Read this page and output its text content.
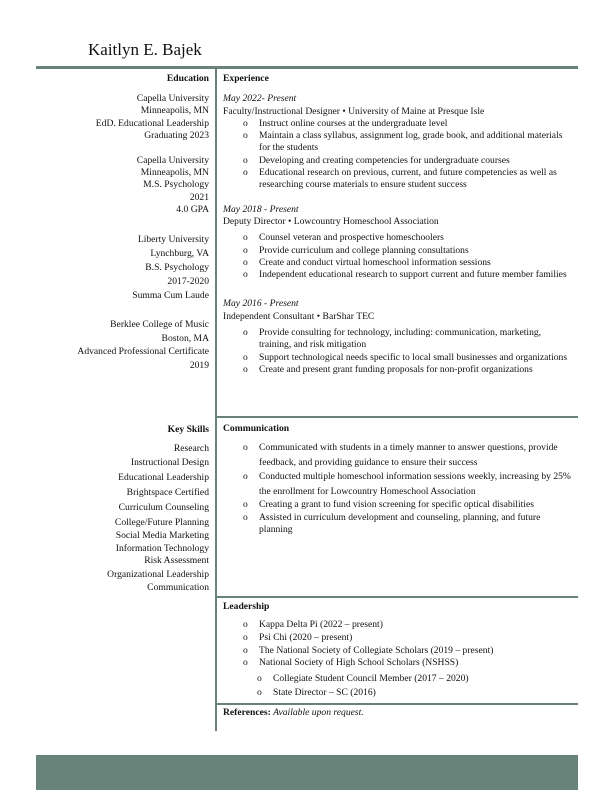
Kaitlyn E. Bajek
Education
Capella University
Minneapolis, MN
EdD. Educational Leadership
Graduating 2023
Capella University
Minneapolis, MN
M.S. Psychology
2021
4.0 GPA
Liberty University
Lynchburg, VA
B.S. Psychology
2017-2020
Summa Cum Laude
Berklee College of Music
Boston, MA
Advanced Professional Certificate
2019
Experience
May 2022- Present
Faculty/Instructional Designer • University of Maine at Presque Isle
o Instruct online courses at the undergraduate level
o Maintain a class syllabus, assignment log, grade book, and additional materials for the students
o Developing and creating competencies for undergraduate courses
o Educational research on previous, current, and future competencies as well as researching course materials to ensure student success
May 2018 - Present
Deputy Director • Lowcountry Homeschool Association
o Counsel veteran and prospective homeschoolers
o Provide curriculum and college planning consultations
o Create and conduct virtual homeschool information sessions
o Independent educational research to support current and future member families
May 2016 - Present
Independent Consultant • BarShar TEC
o Provide consulting for technology, including: communication, marketing, training, and risk mitigation
o Support technological needs specific to local small businesses and organizations
o Create and present grant funding proposals for non-profit organizations
Key Skills
Research
Instructional Design
Educational Leadership
Brightspace Certified
Curriculum Counseling
College/Future Planning
Social Media Marketing
Information Technology
Risk Assessment
Organizational Leadership
Communication
Communication
o Communicated with students in a timely manner to answer questions, provide feedback, and providing guidance to ensure their success
o Conducted multiple homeschool information sessions weekly, increasing by 25% the enrollment for Lowcountry Homeschool Association
o Creating a grant to fund vision screening for specific optical disabilities
o Assisted in curriculum development and counseling, planning, and future planning
Leadership
o Kappa Delta Pi (2022 – present)
o Psi Chi (2020 – present)
o The National Society of Collegiate Scholars (2019 – present)
o National Society of High School Scholars (NSHSS)
o Collegiate Student Council Member (2017 – 2020)
o State Director – SC (2016)
References: Available upon request.
